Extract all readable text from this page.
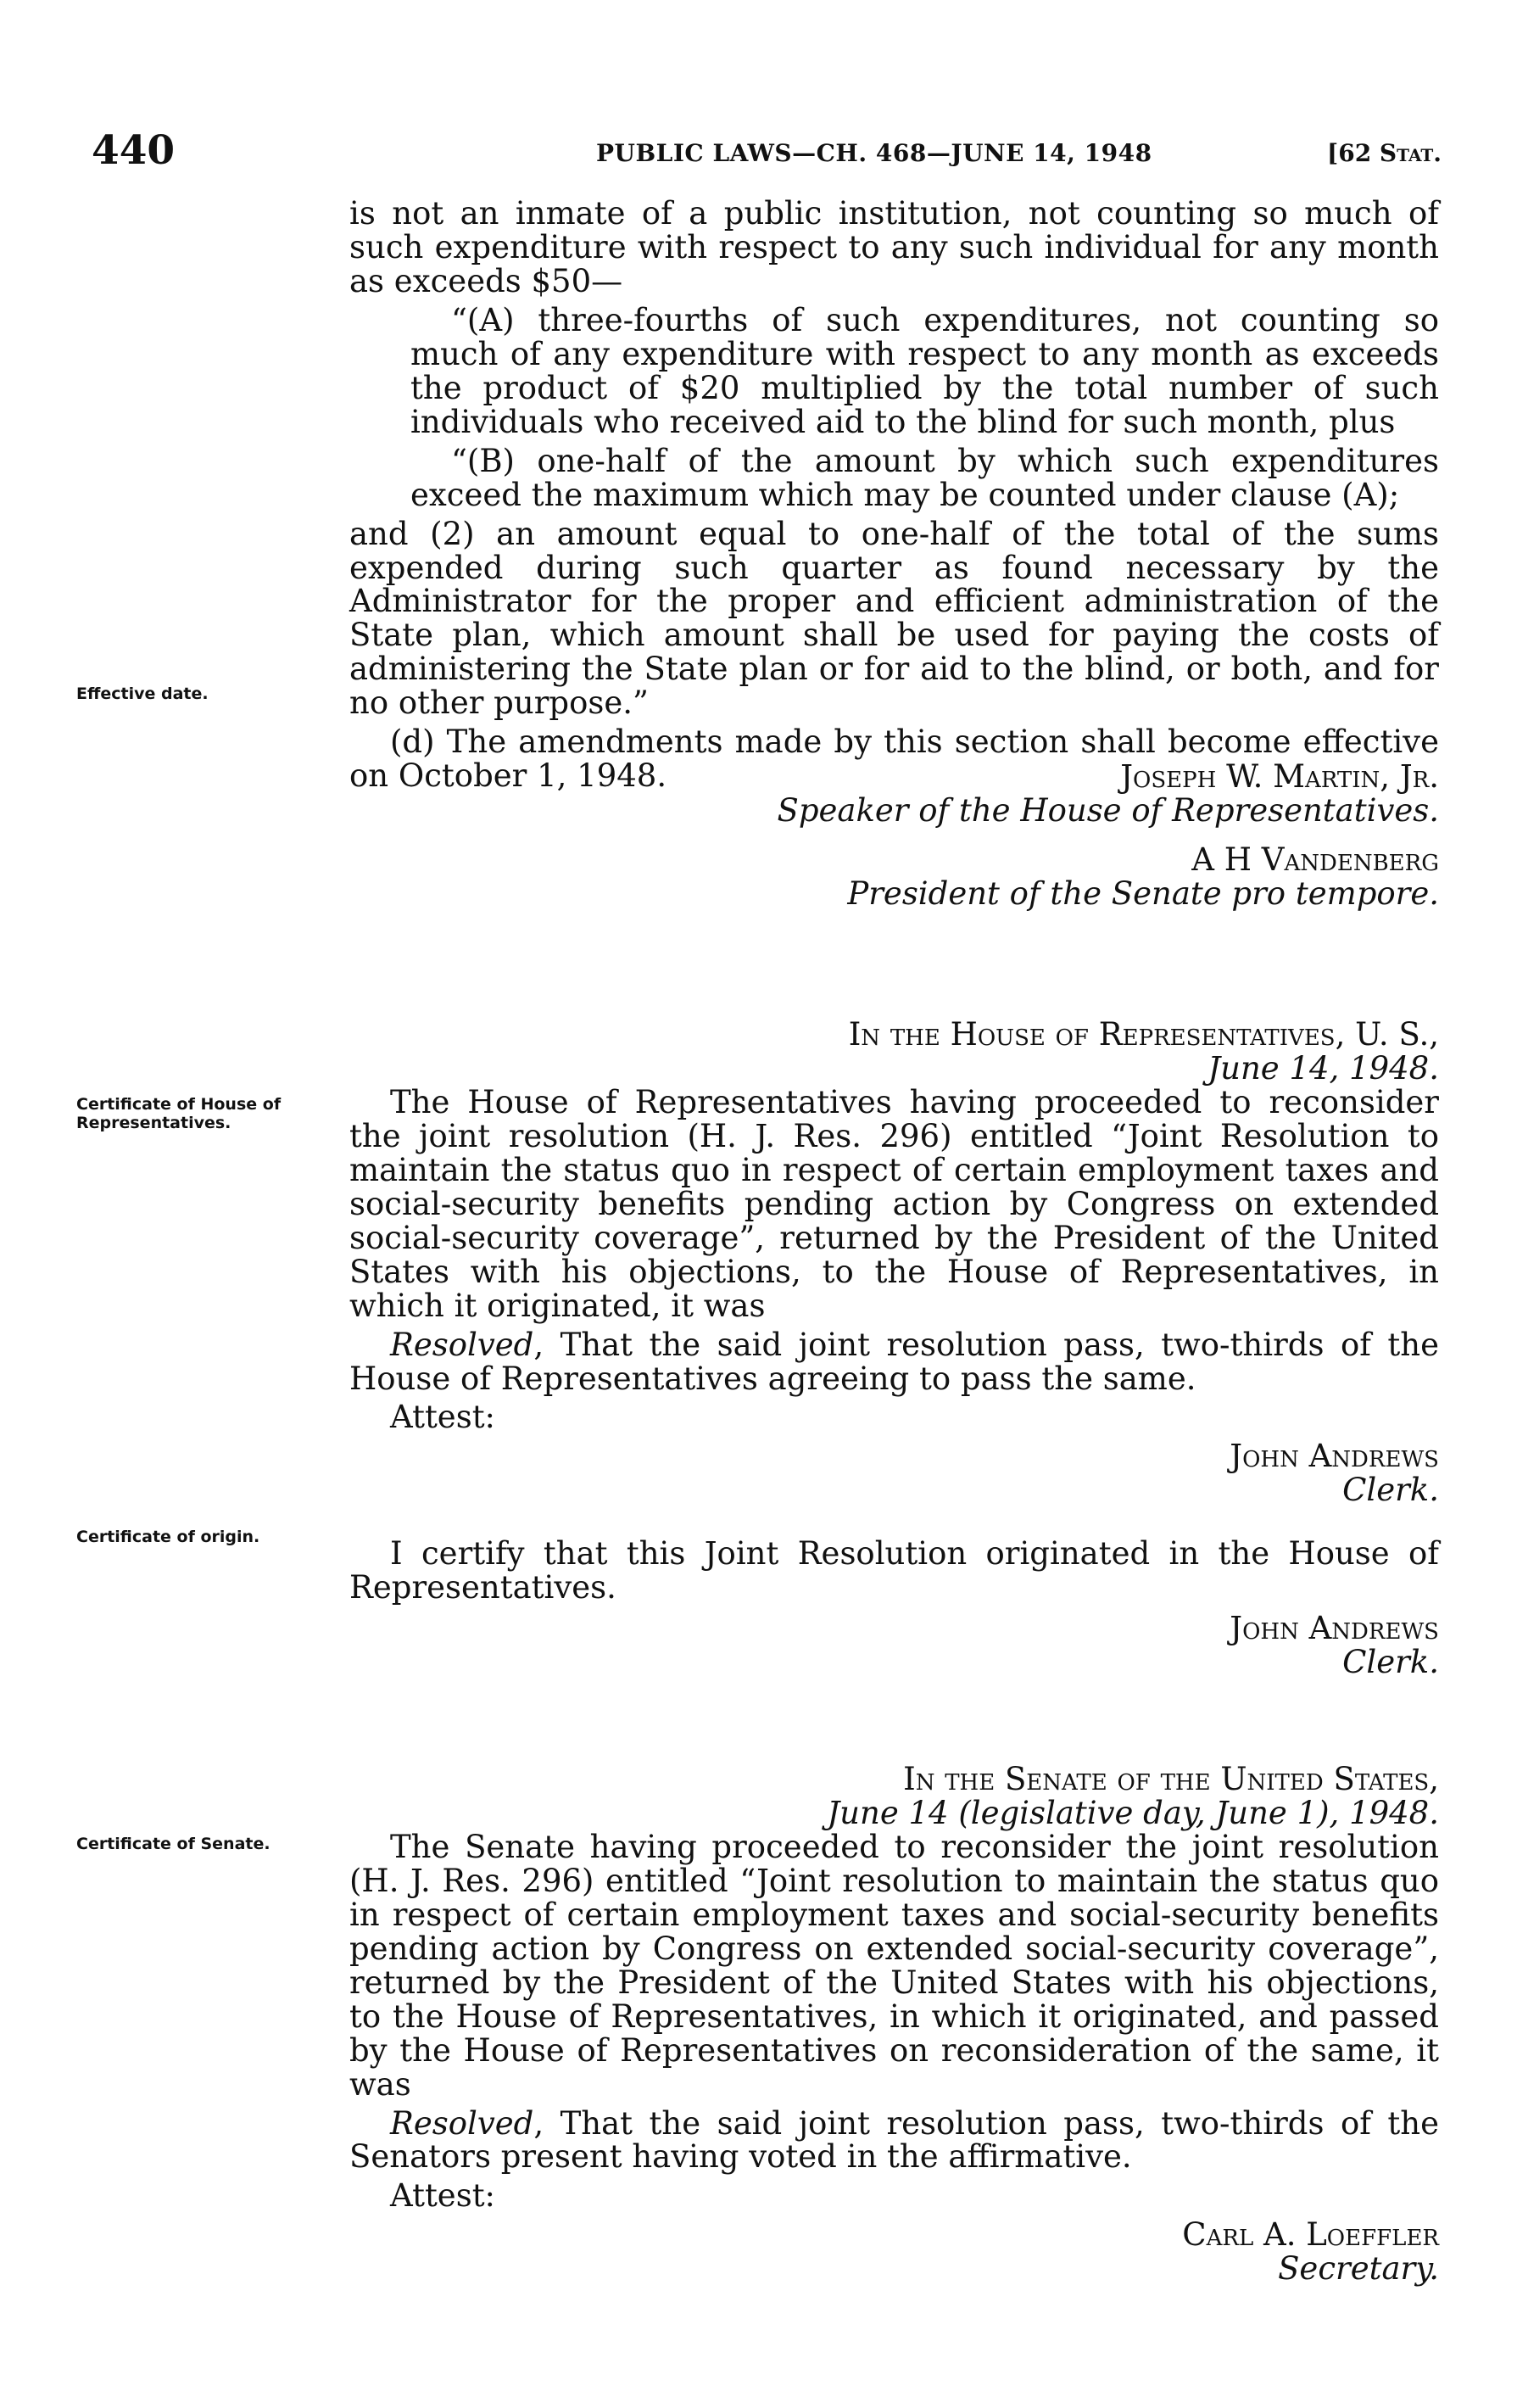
440	PUBLIC LAWS—CH. 468—JUNE 14, 1948	[62 Stat.
Effective date.
Certificate of House of Representatives.
Certificate of origin.
Certificate of Senate.

is not an inmate of a public institution, not counting so much of such expenditure with respect to any such individual for any month as exceeds $50—

“(A) three-fourths of such expenditures, not counting so much of any expenditure with respect to any month as exceeds the product of $20 multiplied by the total number of such individuals who received aid to the blind for such month, plus

“(B) one-half of the amount by which such expenditures exceed the maximum which may be counted under clause (A);

and (2) an amount equal to one-half of the total of the sums expended during such quarter as found necessary by the Administrator for the proper and efficient administration of the State plan, which amount shall be used for paying the costs of administering the State plan or for aid to the blind, or both, and for no other purpose.”

(d) The amendments made by this section shall become effective on October 1, 1948.	Joseph W. Martin, Jr.

Speaker of the House of Representatives.

A H Vandenberg

President of the Senate pro tempore.

In the House of Representatives, U. S.,

June 14, 1948.

The House of Representatives having proceeded to reconsider the joint resolution (H. J. Res. 296) entitled “Joint Resolution to maintain the status quo in respect of certain employment taxes and social-security benefits pending action by Congress on extended social-security coverage”, returned by the President of the United States with his objections, to the House of Representatives, in which it originated, it was

Resolved, That the said joint resolution pass, two-thirds of the House of Representatives agreeing to pass the same.

Attest:

John Andrews

Clerk.

I certify that this Joint Resolution originated in the House of Representatives.

John Andrews

Clerk.

In the Senate of the United States,

June 14 (legislative day, June 1), 1948.

The Senate having proceeded to reconsider the joint resolution (H. J. Res. 296) entitled “Joint resolution to maintain the status quo in respect of certain employment taxes and social-security benefits pending action by Congress on extended social-security coverage”, returned by the President of the United States with his objections, to the House of Representatives, in which it originated, and passed by the House of Representatives on reconsideration of the same, it was

Resolved, That the said joint resolution pass, two-thirds of the Senators present having voted in the affirmative.

Attest:

Carl A. Loeffler

Secretary.
